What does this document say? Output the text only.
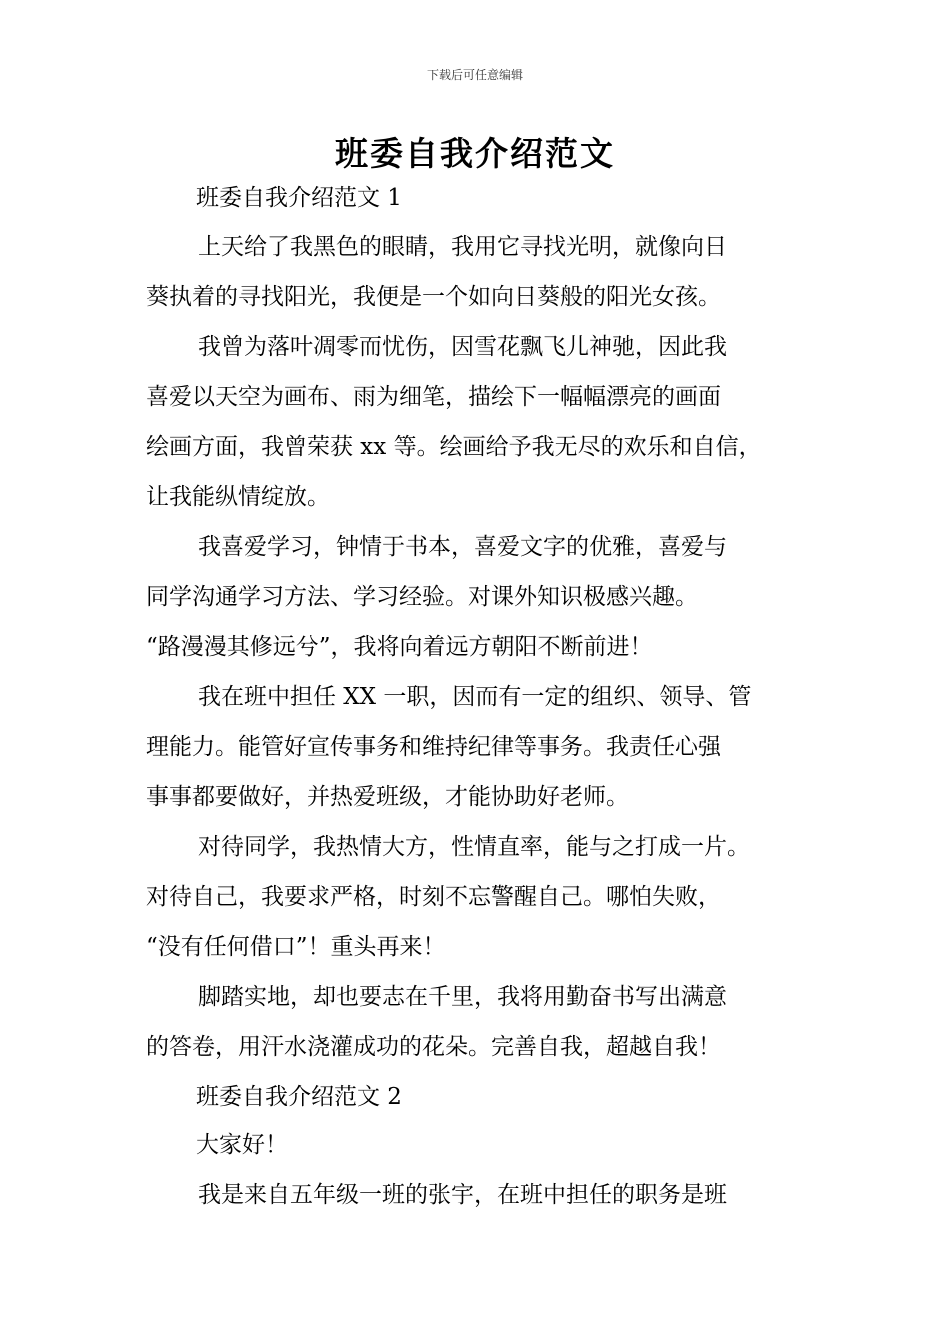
下载后可任意编辑
班委自我介绍范文
班委自我介绍范文 1
上天给了我黑色的眼睛，我用它寻找光明，就像向日
葵执着的寻找阳光，我便是一个如向日葵般的阳光女孩。
我曾为落叶凋零而忧伤，因雪花飘飞儿神驰，因此我
喜爱以天空为画布、雨为细笔，描绘下一幅幅漂亮的画面
绘画方面，我曾荣获 xx 等。绘画给予我无尽的欢乐和自信，
让我能纵情绽放。
我喜爱学习，钟情于书本，喜爱文字的优雅，喜爱与
同学沟通学习方法、学习经验。对课外知识极感兴趣。
“路漫漫其修远兮”，我将向着远方朝阳不断前进！
我在班中担任 XX 一职，因而有一定的组织、领导、管
理能力。能管好宣传事务和维持纪律等事务。我责任心强
事事都要做好，并热爱班级，才能协助好老师。
对待同学，我热情大方，性情直率，能与之打成一片。
对待自己，我要求严格，时刻不忘警醒自己。哪怕失败，
“没有任何借口”！重头再来！
脚踏实地，却也要志在千里，我将用勤奋书写出满意
的答卷，用汗水浇灌成功的花朵。完善自我，超越自我！
班委自我介绍范文 2
大家好！
我是来自五年级一班的张宇，在班中担任的职务是班
